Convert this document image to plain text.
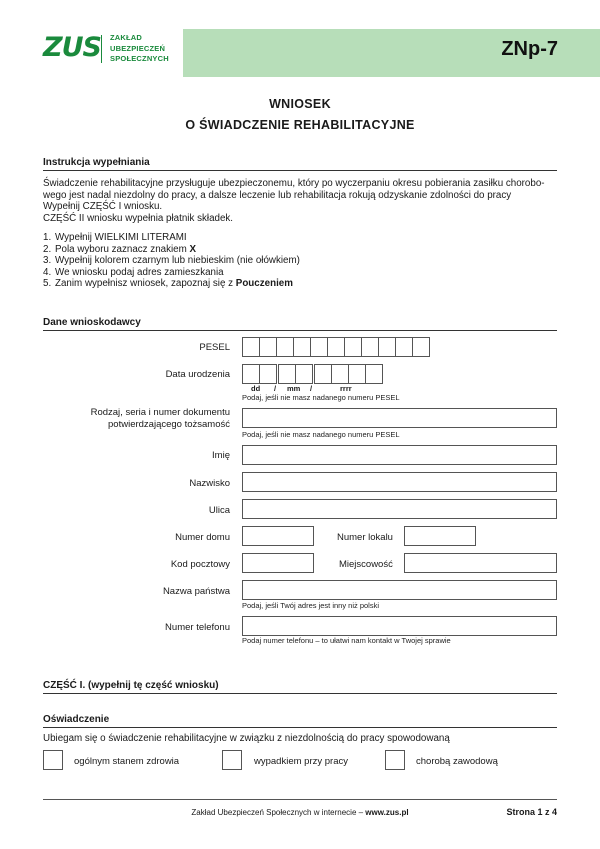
ZUS ZAKŁAD
UBEZPIECZEŃ
SPOŁECZNYCH	ZNp-7
WNIOSEK
O ŚWIADCZENIE REHABILITACYJNE
Instrukcja wypełniania
Świadczenie rehabilitacyjne przysługuje ubezpieczonemu, który po wyczerpaniu okresu pobierania zasiłku chorobo-wego jest nadal niezdolny do pracy, a dalsze leczenie lub rehabilitacja rokują odzyskanie zdolności do pracy
Wypełnij CZĘŚĆ I wniosku.
CZĘŚĆ II wniosku wypełnia płatnik składek.
1. Wypełnij WIELKIMI LITERAMI
2. Pola wyboru zaznacz znakiem X
3. Wypełnij kolorem czarnym lub niebieskim (nie ołówkiem)
4. We wniosku podaj adres zamieszkania
5. Zanim wypełnisz wniosek, zapoznaj się z Pouczeniem
Dane wnioskodawcy
PESEL
Data urodzenia
dd / mm /	rrrr
Podaj, jeśli nie masz nadanego numeru PESEL
Rodzaj, seria i numer dokumentu
potwierdzającego tożsamość
Podaj, jeśli nie masz nadanego numeru PESEL
Imię
Nazwisko
Ulica
Numer domu	Numer lokalu
Kod pocztowy	Miejscowość
Nazwa państwa
Podaj, jeśli Twój adres jest inny niż polski
Numer telefonu
Podaj numer telefonu – to ułatwi nam kontakt w Twojej sprawie
CZĘŚĆ I. (wypełnij tę część wniosku)
Oświadczenie
Ubiegam się o świadczenie rehabilitacyjne w związku z niezdolnością do pracy spowodowaną
ogólnym stanem zdrowia	wypadkiem przy pracy	chorobą zawodową
Zakład Ubezpieczeń Społecznych w internecie – www.zus.pl	Strona 1 z 4
